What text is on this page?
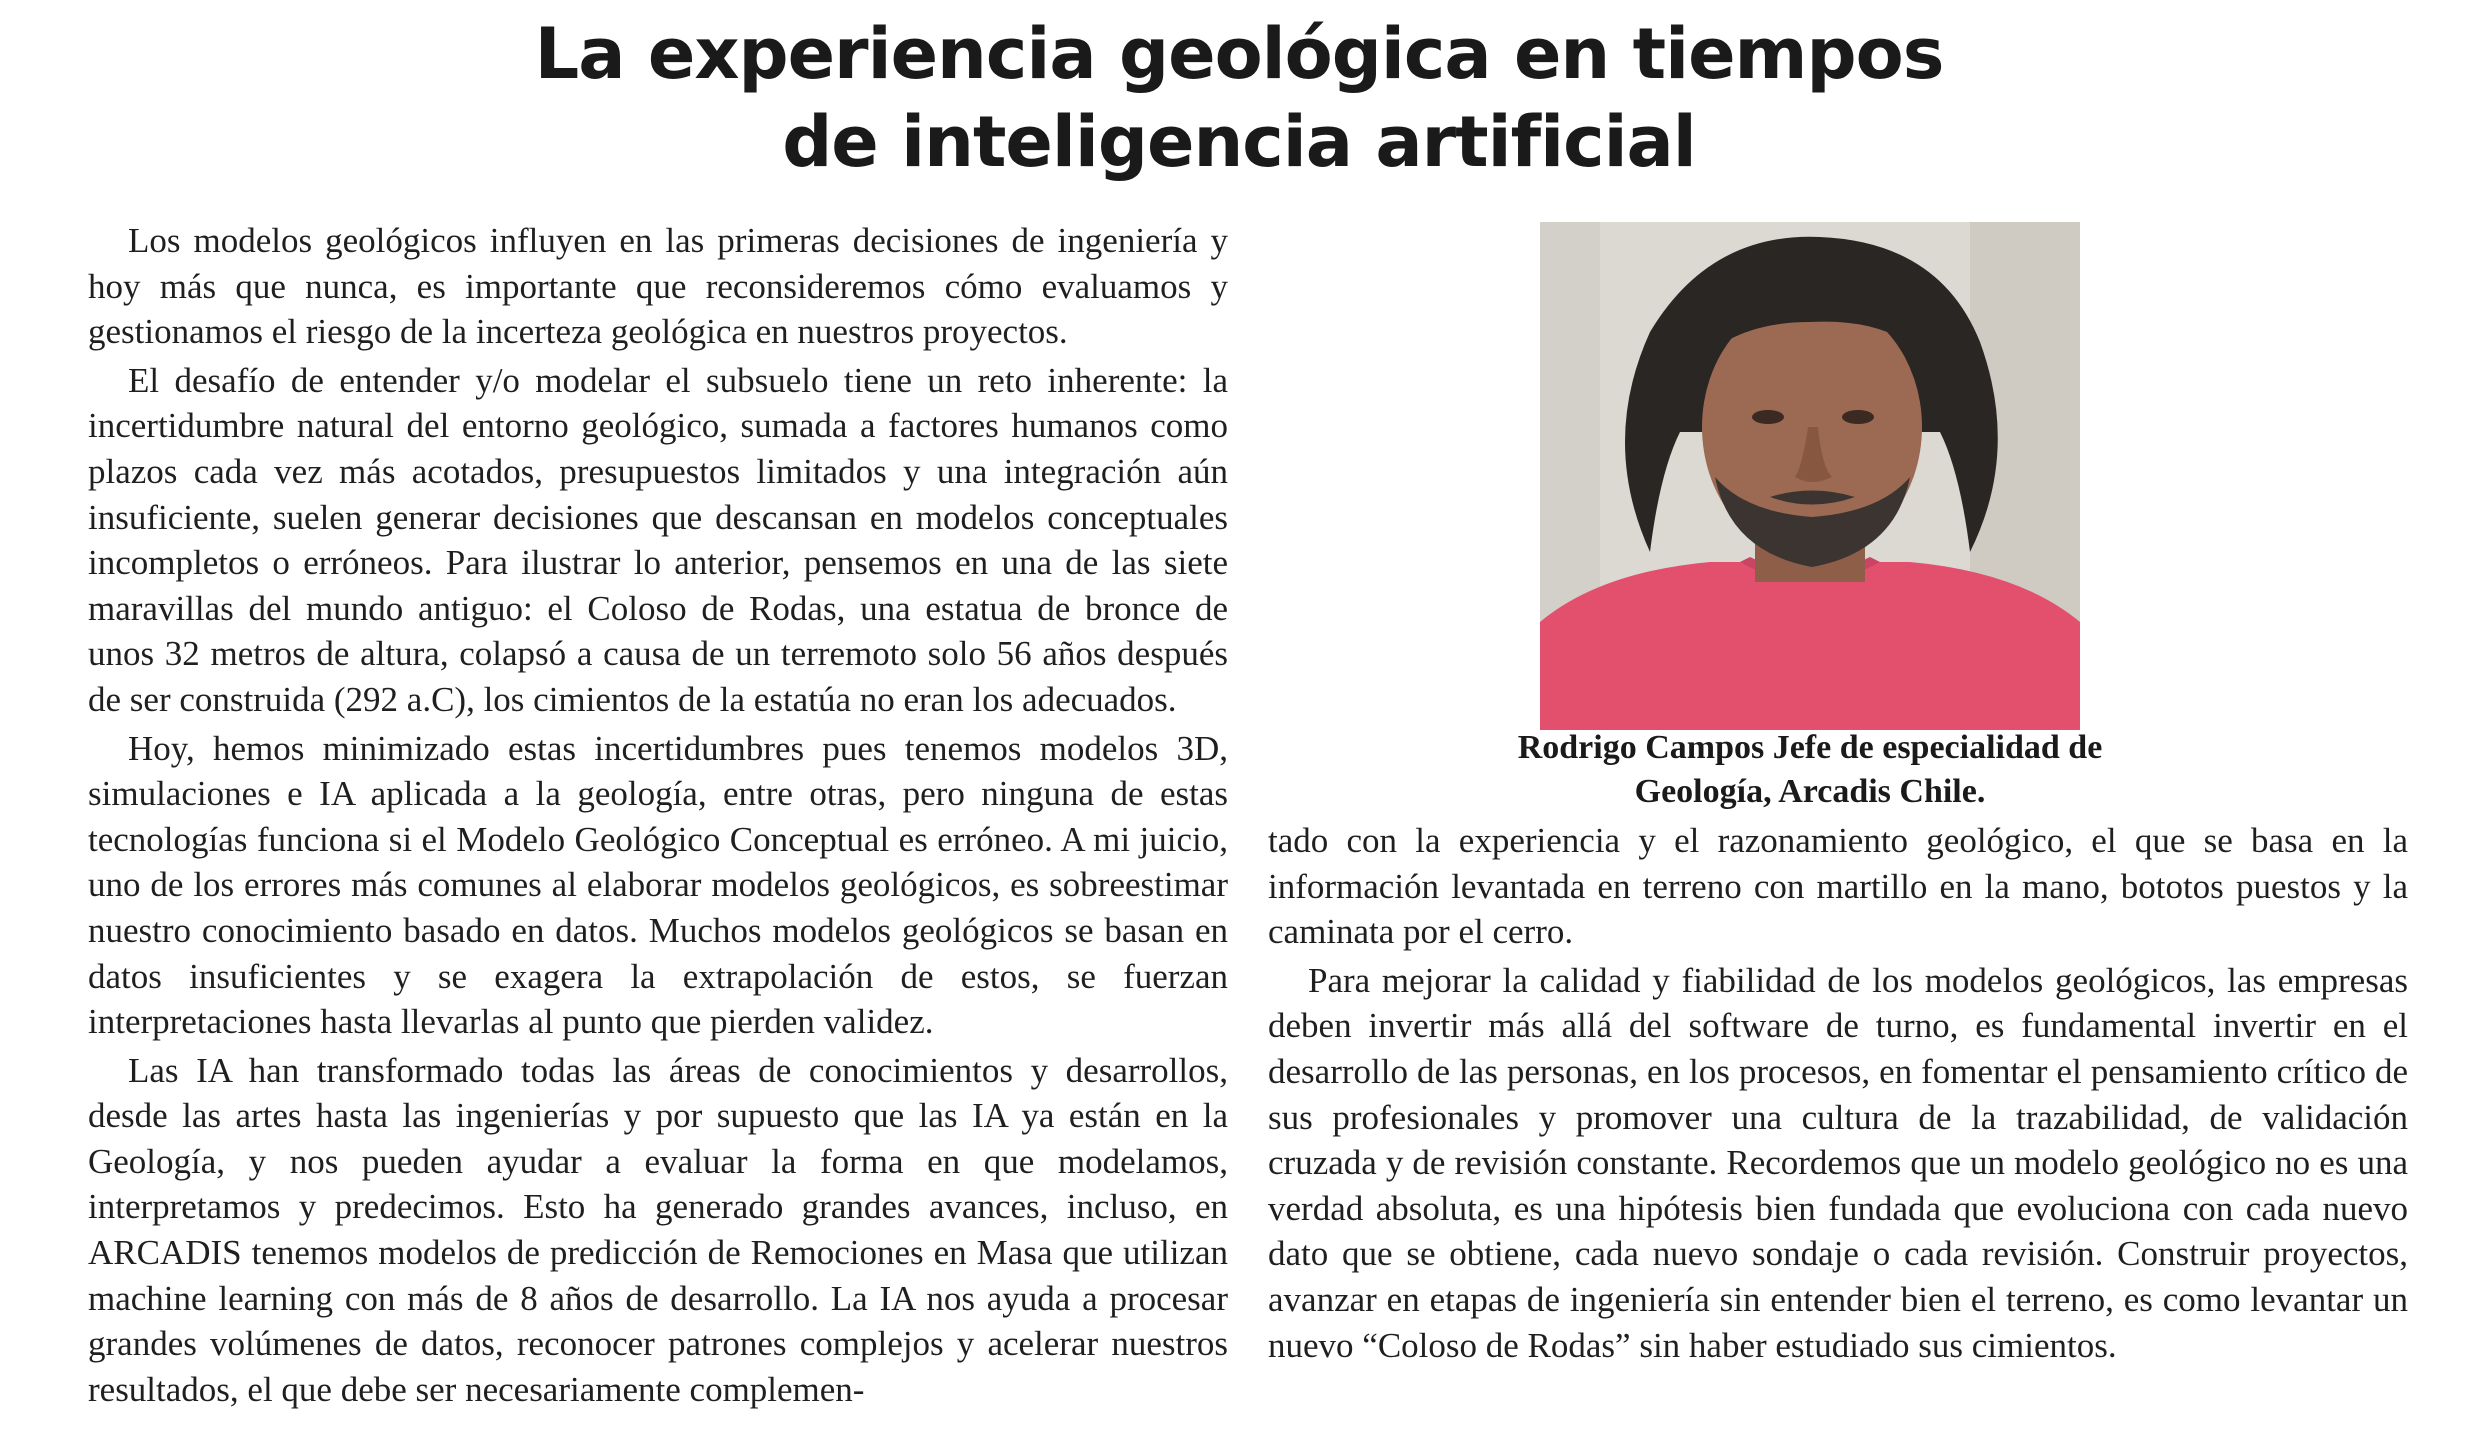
La experiencia geológica en tiempos
de inteligencia artificial

Los modelos geológicos influyen en las primeras decisiones de ingeniería y hoy más que nunca, es importante que reconsideremos cómo evaluamos y gestionamos el riesgo de la incerteza geológica en nuestros proyectos.

El desafío de entender y/o modelar el subsuelo tiene un reto inherente: la incertidumbre natural del entorno geológico, sumada a factores humanos como plazos cada vez más acotados, presupuestos limitados y una integración aún insuficiente, suelen generar decisiones que descansan en modelos conceptuales incompletos o erróneos. Para ilustrar lo anterior, pensemos en una de las siete maravillas del mundo antiguo: el Coloso de Rodas, una estatua de bronce de unos 32 metros de altura, colapsó a causa de un terremoto solo 56 años después de ser construida (292 a.C), los cimientos de la estatúa no eran los adecuados.

Hoy, hemos minimizado estas incertidumbres pues tenemos modelos 3D, simulaciones e IA aplicada a la geología, entre otras, pero ninguna de estas tecnologías funciona si el Modelo Geológico Conceptual es erróneo. A mi juicio, uno de los errores más comunes al elaborar modelos geológicos, es sobreestimar nuestro conocimiento basado en datos. Muchos modelos geológicos se basan en datos insuficientes y se exagera la extrapolación de estos, se fuerzan interpretaciones hasta llevarlas al punto que pierden validez.

Las IA han transformado todas las áreas de conocimientos y desarrollos, desde las artes hasta las ingenierías y por supuesto que las IA ya están en la Geología, y nos pueden ayudar a evaluar la forma en que modelamos, interpretamos y predecimos. Esto ha generado grandes avances, incluso, en ARCADIS tenemos modelos de predicción de Remociones en Masa que utilizan machine learning con más de 8 años de desarrollo. La IA nos ayuda a procesar grandes volúmenes de datos, reconocer patrones complejos y acelerar nuestros resultados, el que debe ser necesariamente complemen-

Rodrigo Campos Jefe de especialidad de
Geología, Arcadis Chile.

tado con la experiencia y el razonamiento geológico, el que se basa en la información levantada en terreno con martillo en la mano, bototos puestos y la caminata por el cerro.

Para mejorar la calidad y fiabilidad de los modelos geológicos, las empresas deben invertir más allá del software de turno, es fundamental invertir en el desarrollo de las personas, en los procesos, en fomentar el pensamiento crítico de sus profesionales y promover una cultura de la trazabilidad, de validación cruzada y de revisión constante. Recordemos que un modelo geológico no es una verdad absoluta, es una hipótesis bien fundada que evoluciona con cada nuevo dato que se obtiene, cada nuevo sondaje o cada revisión. Construir proyectos, avanzar en etapas de ingeniería sin entender bien el terreno, es como levantar un nuevo “Coloso de Rodas” sin haber estudiado sus cimientos.
